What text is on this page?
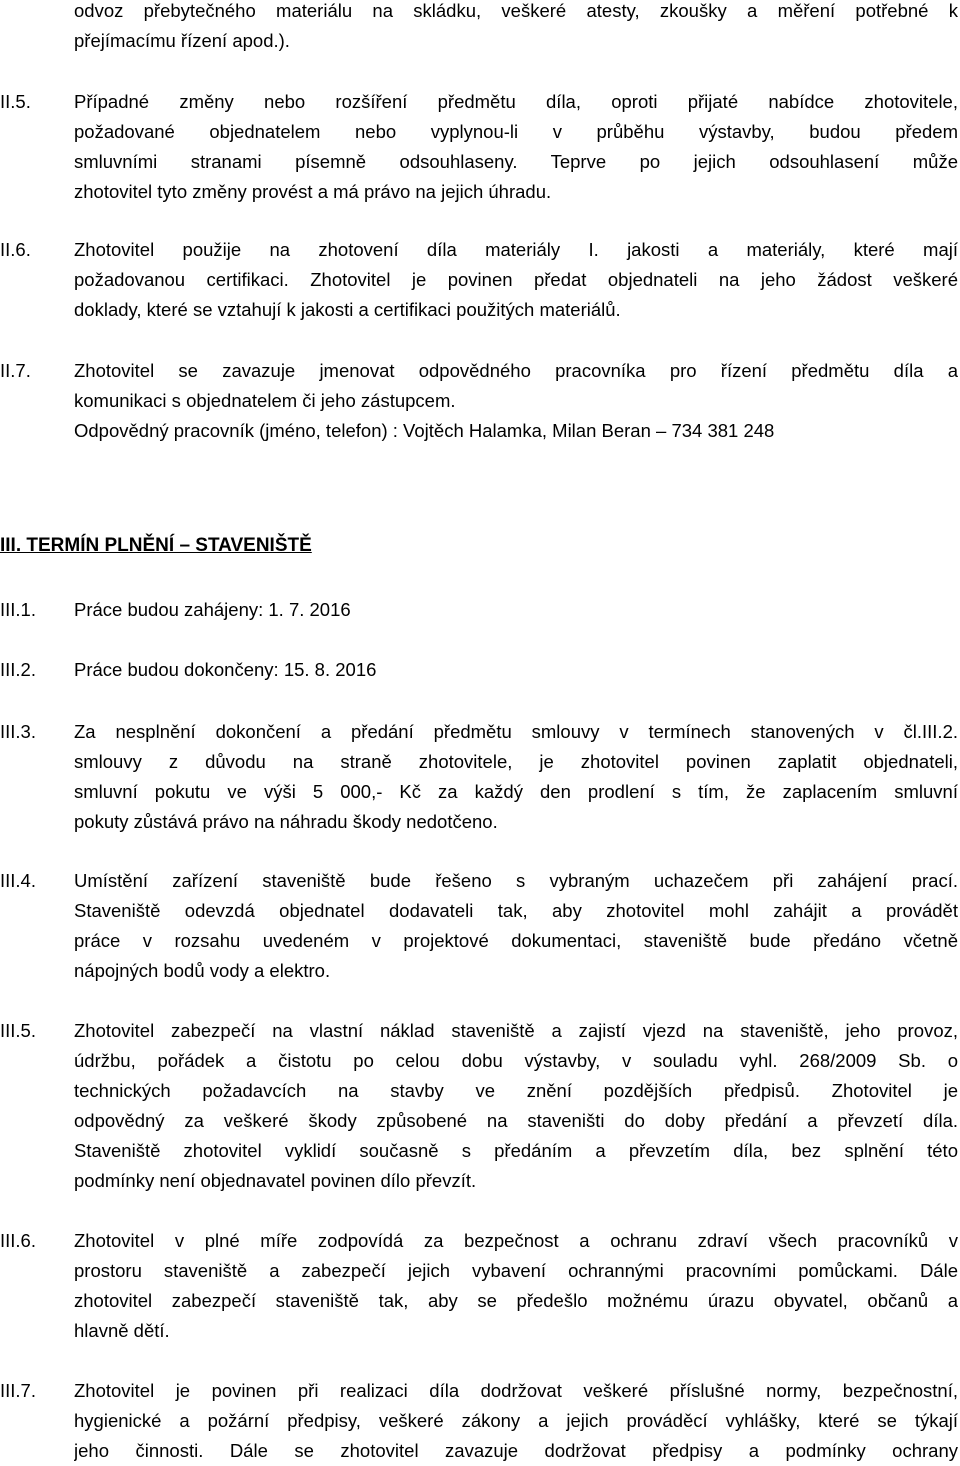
odvoz přebytečného materiálu na skládku, veškeré atesty, zkoušky a měření potřebné k
přejímacímu řízení apod.).
II.5.	Případné změny nebo rozšíření předmětu díla, oproti přijaté nabídce zhotovitele,
požadované objednatelem nebo vyplynou-li v průběhu výstavby, budou předem
smluvními stranami písemně odsouhlaseny. Teprve po jejich odsouhlasení může
zhotovitel tyto změny provést a má právo na jejich úhradu.
II.6.	Zhotovitel použije na zhotovení díla materiály I. jakosti a materiály, které mají
požadovanou certifikaci. Zhotovitel je povinen předat objednateli na jeho žádost veškeré
doklady, které se vztahují k jakosti a certifikaci použitých materiálů.
II.7.	Zhotovitel se zavazuje jmenovat odpovědného pracovníka pro řízení předmětu díla a
komunikaci s objednatelem či jeho zástupcem.
Odpovědný pracovník (jméno, telefon) : Vojtěch Halamka, Milan Beran – 734 381 248
III. TERMÍN PLNĚNÍ – STAVENIŠTĚ
III.1.	Práce budou zahájeny: 1. 7. 2016
III.2.	Práce budou dokončeny: 15. 8. 2016
III.3.	Za nesplnění dokončení a předání předmětu smlouvy v termínech stanovených v čl.III.2.
smlouvy z důvodu na straně zhotovitele, je zhotovitel povinen zaplatit objednateli,
smluvní pokutu ve výši 5 000,- Kč za každý den prodlení s tím, že zaplacením smluvní
pokuty zůstává právo na náhradu škody nedotčeno.
III.4.	Umístění zařízení staveniště bude řešeno s vybraným uchazečem při zahájení prací.
Staveniště odevzdá objednatel dodavateli tak, aby zhotovitel mohl zahájit a provádět
práce v rozsahu uvedeném v projektové dokumentaci, staveniště bude předáno včetně
nápojných bodů vody a elektro.
III.5.	Zhotovitel zabezpečí na vlastní náklad staveniště a zajistí vjezd na staveniště, jeho provoz,
údržbu, pořádek a čistotu po celou dobu výstavby, v souladu vyhl. 268/2009 Sb. o
technických požadavcích na stavby ve znění pozdějších předpisů. Zhotovitel je
odpovědný za veškeré škody způsobené na staveništi do doby předání a převzetí díla.
Staveniště zhotovitel vyklidí současně s předáním a převzetím díla, bez splnění této
podmínky není objednavatel povinen dílo převzít.
III.6.	Zhotovitel v plné míře zodpovídá za bezpečnost a ochranu zdraví všech pracovníků v
prostoru staveniště a zabezpečí jejich vybavení ochrannými pracovními pomůckami. Dále
zhotovitel zabezpečí staveniště tak, aby se předešlo možnému úrazu obyvatel, občanů a
hlavně dětí.
III.7.	Zhotovitel je povinen při realizaci díla dodržovat veškeré příslušné normy, bezpečnostní,
hygienické a požární předpisy, veškeré zákony a jejich prováděcí vyhlášky, které se týkají
jeho činnosti. Dále se zhotovitel zavazuje dodržovat předpisy a podmínky ochrany
